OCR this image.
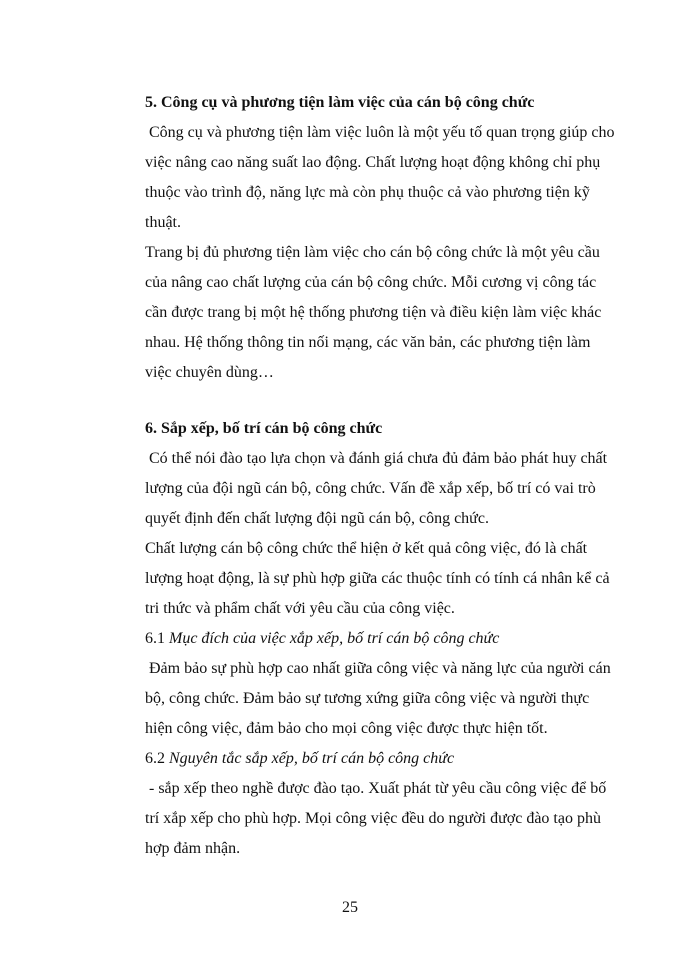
5. Công cụ và phương tiện làm việc của cán bộ công chức

Công cụ và phương tiện làm việc luôn là một yếu tố quan trọng giúp cho việc nâng cao năng suất lao động. Chất lượng hoạt động không chỉ phụ thuộc vào trình độ, năng lực mà còn phụ thuộc cả vào phương tiện kỹ thuật.

Trang bị đủ phương tiện làm việc cho cán bộ công chức là một yêu cầu của nâng cao chất lượng của cán bộ công chức. Mỗi cương vị công tác cần được trang bị một hệ thống phương tiện và điều kiện làm việc khác nhau. Hệ thống thông tin nối mạng, các văn bản, các phương tiện làm việc chuyên dùng…

6. Sắp xếp, bố trí cán bộ công chức

Có thể nói đào tạo lựa chọn và đánh giá chưa đủ đảm bảo phát huy chất lượng của đội ngũ cán bộ, công chức. Vấn đề xắp xếp, bố trí có vai trò quyết định đến chất lượng đội ngũ cán bộ, công chức.

Chất lượng cán bộ công chức thể hiện ở kết quả công việc, đó là chất lượng hoạt động, là sự phù hợp giữa các thuộc tính có tính cá nhân kể cả tri thức và phẩm chất với yêu cầu của công việc.

6.1 Mục đích của việc xắp xếp, bố trí cán bộ công chức

Đảm bảo sự phù hợp cao nhất giữa công việc và năng lực của người cán bộ, công chức. Đảm bảo sự tương xứng giữa công việc và người thực hiện công việc, đảm bảo cho mọi công việc được thực hiện tốt.

6.2 Nguyên tắc sắp xếp, bố trí cán bộ công chức

- sắp xếp theo nghề được đào tạo. Xuất phát từ yêu cầu công việc để bố trí xắp xếp cho phù hợp. Mọi công việc đều do người được đào tạo phù hợp đảm nhận.

25
